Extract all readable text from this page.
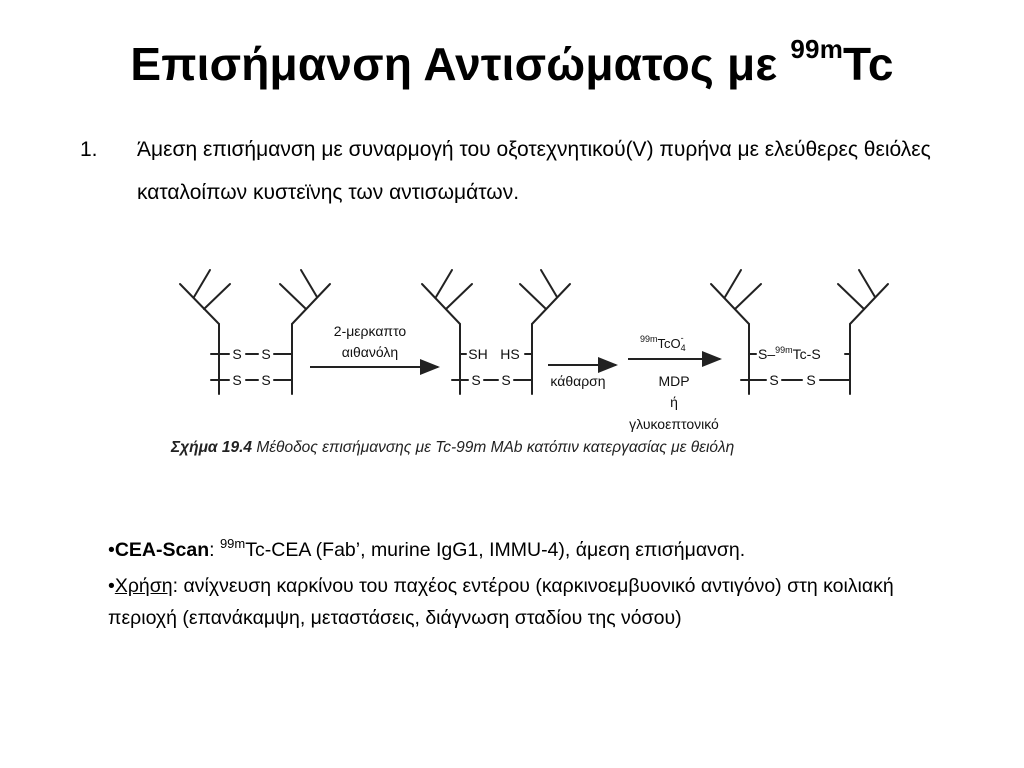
Επισήμανση Αντισώματος με $^{99m}$Tc
1. Άμεση επισήμανση με συναρμογή του οξοτεχνητικού(V) πυρήνα με ελεύθερες θειόλες καταλοίπων κυστεϊνης των αντισωμάτων.
S S
S S
2-μερκαπτο
αιθανόλη	SH HS
S S
$^{99m}$TcO$_4$-
κάθαρση	MDP
ή
γλυκοεπτονικό
S–$^{99m}$Tc-S
S S
Σχήμα 19.4 Μέθοδος επισήμανσης με Tc-99m MAb κατόπιν κατεργασίας με θειόλη

•CEA-Scan: $^{99m}$Tc-CEA (Fab’, murine IgG1, IMMU-4), άμεση επισήμανση.

•Χρήση: ανίχνευση καρκίνου του παχέος εντέρου (καρκινοεμβυονικό αντιγόνο) στη κοιλιακή περιοχή (επανάκαμψη, μεταστάσεις, διάγνωση σταδίου της νόσου)
